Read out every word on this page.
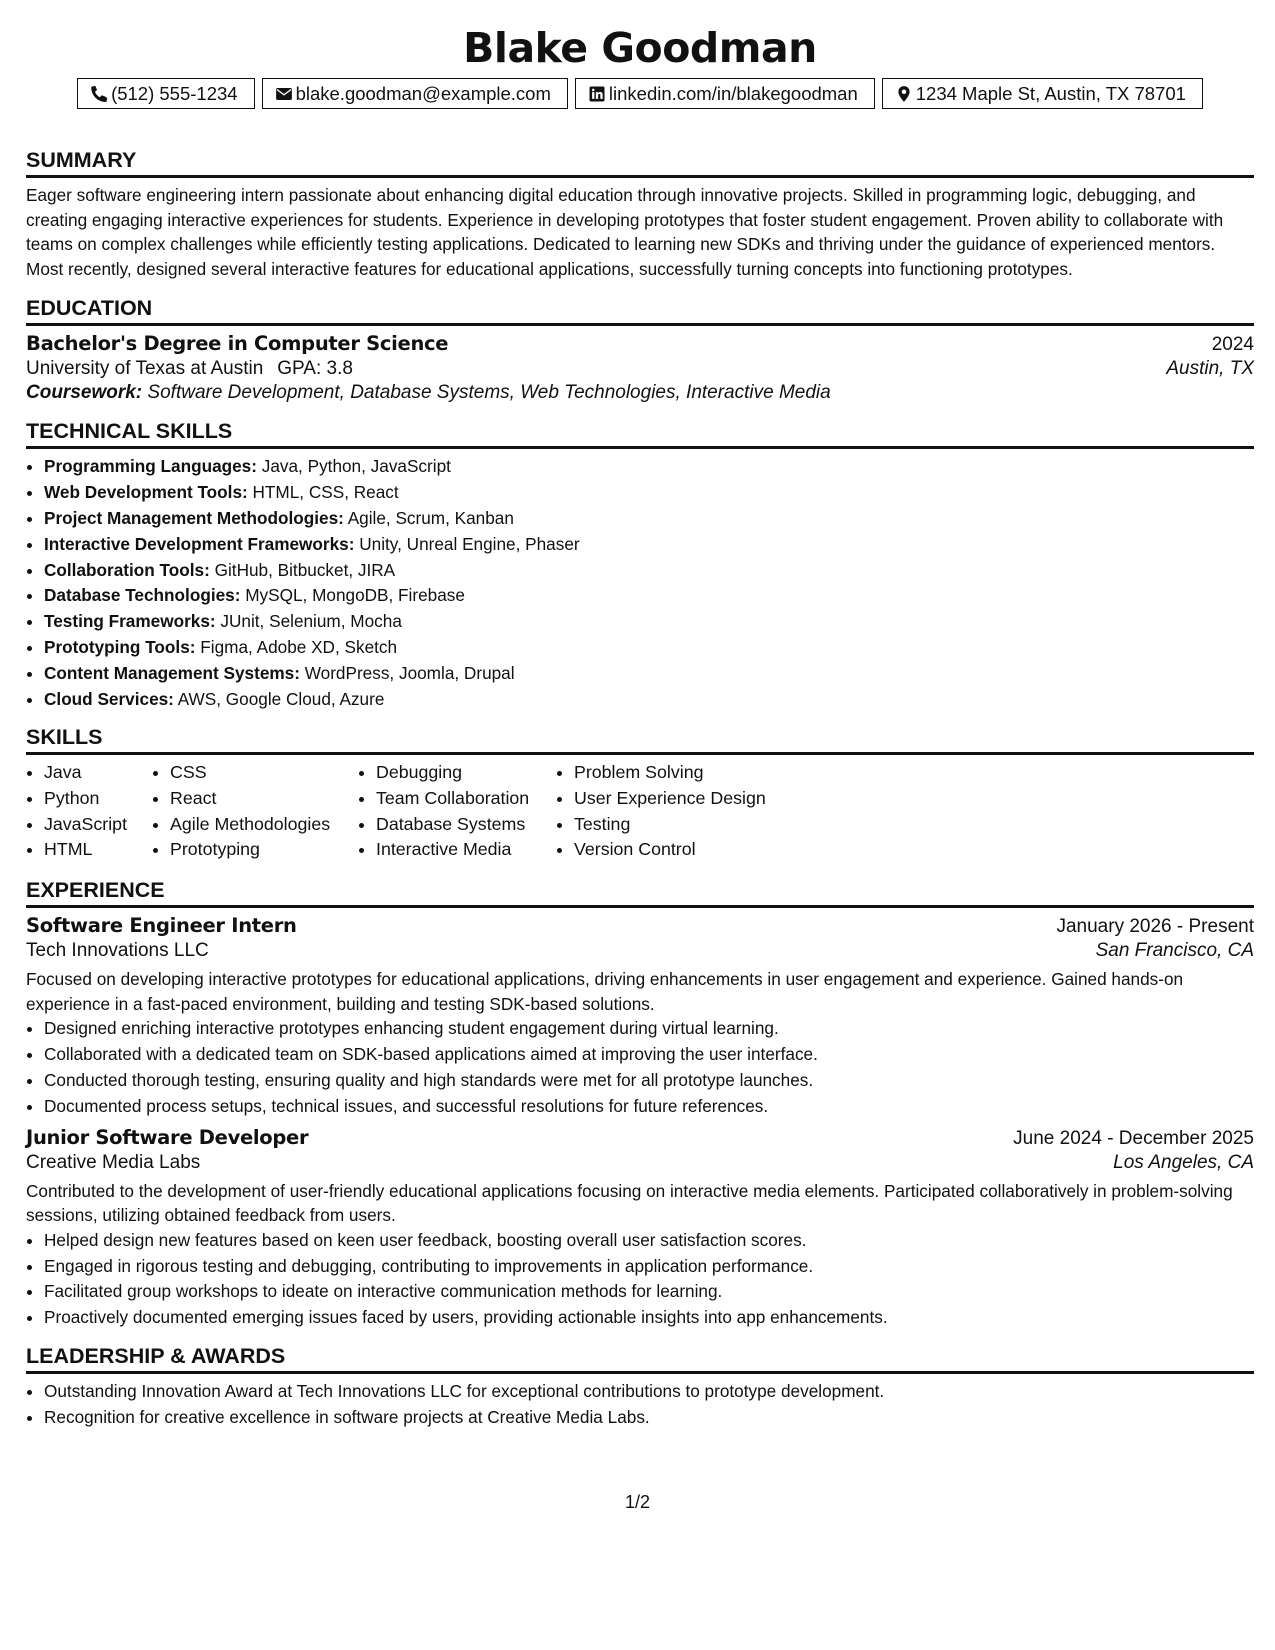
Blake Goodman
(512) 555-1234	blake.goodman@example.com	linkedin.com/in/blakegoodman	1234 Maple St, Austin, TX 78701
SUMMARY

Eager software engineering intern passionate about enhancing digital education through innovative projects. Skilled in programming logic, debugging, and creating engaging interactive experiences for students. Experience in developing prototypes that foster student engagement. Proven ability to collaborate with teams on complex challenges while efficiently testing applications. Dedicated to learning new SDKs and thriving under the guidance of experienced mentors. Most recently, designed several interactive features for educational applications, successfully turning concepts into functioning prototypes.

EDUCATION
Bachelor's Degree in Computer Science	2024
University of Texas at Austin GPA: 3.8	Austin, TX
Coursework: Software Development, Database Systems, Web Technologies, Interactive Media
TECHNICAL SKILLS
• Programming Languages: Java, Python, JavaScript
• Web Development Tools: HTML, CSS, React
• Project Management Methodologies: Agile, Scrum, Kanban
• Interactive Development Frameworks: Unity, Unreal Engine, Phaser
• Collaboration Tools: GitHub, Bitbucket, JIRA
• Database Technologies: MySQL, MongoDB, Firebase
• Testing Frameworks: JUnit, Selenium, Mocha
• Prototyping Tools: Figma, Adobe XD, Sketch
• Content Management Systems: WordPress, Joomla, Drupal
• Cloud Services: AWS, Google Cloud, Azure
SKILLS
• Java
• Python
• JavaScript
• HTML
• CSS
• React
• Agile Methodologies
• Prototyping
• Debugging
• Team Collaboration
• Database Systems
• Interactive Media
• Problem Solving
• User Experience Design
• Testing
• Version Control
EXPERIENCE
Software Engineer Intern	January 2026 - Present
Tech Innovations LLC	San Francisco, CA

Focused on developing interactive prototypes for educational applications, driving enhancements in user engagement and experience. Gained hands-on experience in a fast-paced environment, building and testing SDK-based solutions.

• Designed enriching interactive prototypes enhancing student engagement during virtual learning.
• Collaborated with a dedicated team on SDK-based applications aimed at improving the user interface.
• Conducted thorough testing, ensuring quality and high standards were met for all prototype launches.
• Documented process setups, technical issues, and successful resolutions for future references.
Junior Software Developer	June 2024 - December 2025
Creative Media Labs	Los Angeles, CA

Contributed to the development of user-friendly educational applications focusing on interactive media elements. Participated collaboratively in problem-solving sessions, utilizing obtained feedback from users.

• Helped design new features based on keen user feedback, boosting overall user satisfaction scores.
• Engaged in rigorous testing and debugging, contributing to improvements in application performance.
• Facilitated group workshops to ideate on interactive communication methods for learning.
• Proactively documented emerging issues faced by users, providing actionable insights into app enhancements.
LEADERSHIP & AWARDS
• Outstanding Innovation Award at Tech Innovations LLC for exceptional contributions to prototype development.
• Recognition for creative excellence in software projects at Creative Media Labs.
1/2
